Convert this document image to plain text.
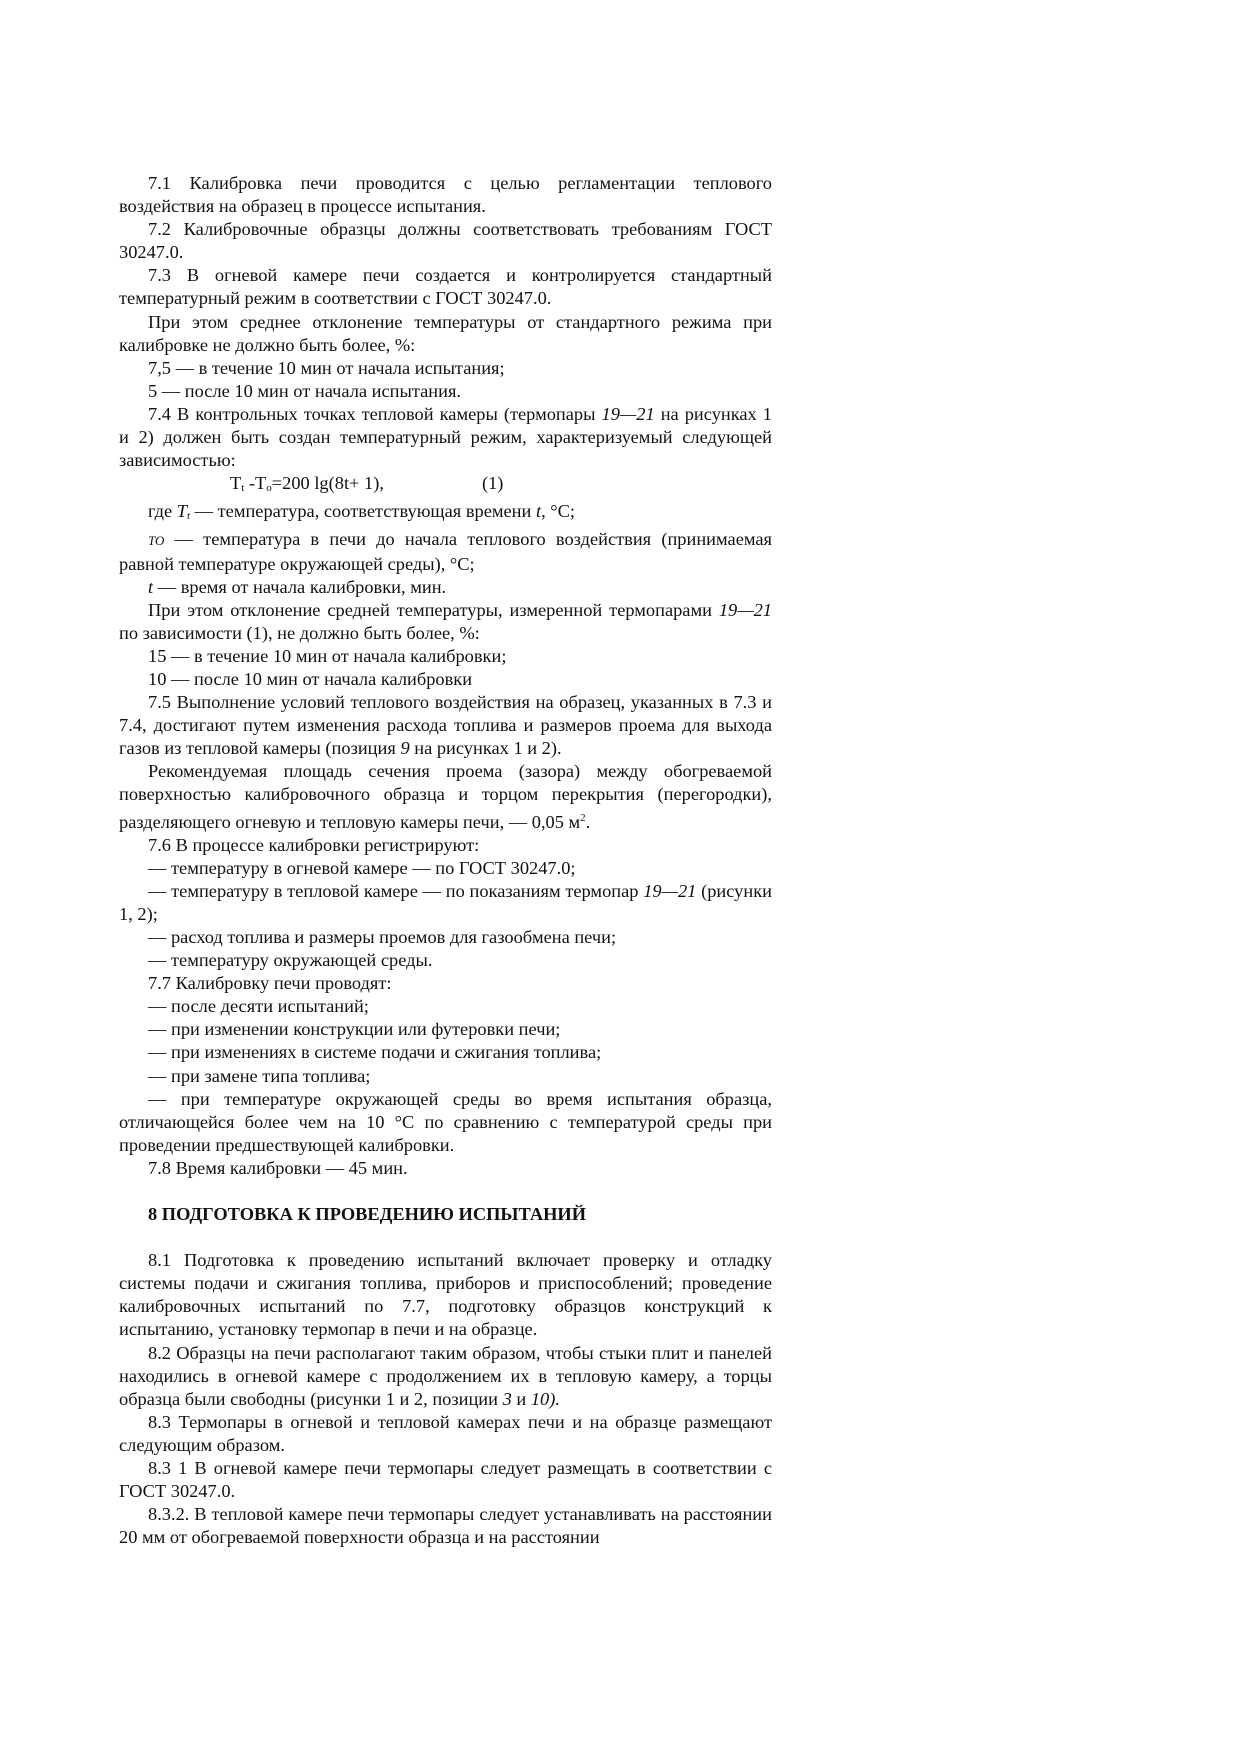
7.1 Калибровка печи проводится с целью регламентации теплового воздействия на образец в процессе испытания.

7.2 Калибровочные образцы должны соответствовать требованиям ГОСТ 30247.0.

7.3 В огневой камере печи создается и контролируется стандартный температурный режим в соответствии с ГОСТ 30247.0.

При этом среднее отклонение температуры от стандартного режима при калибровке не должно быть более, %:

7,5 — в течение 10 мин от начала испытания;

5 — после 10 мин от начала испытания.

7.4 В контрольных точках тепловой камеры (термопары 19—21 на рисунках 1 и 2) должен быть создан температурный режим, характеризуемый следующей зависимостью:

Tt -To=200 lg(8t+ 1),	(1)

где Tt — температура, соответствующая времени t, °С;

TO — температура в печи до начала теплового воздействия (принимаемая равной температуре окружающей среды), °С;

t — время от начала калибровки, мин.

При этом отклонение средней температуры, измеренной термопарами 19—21 по зависимости (1), не должно быть более, %:

15 — в течение 10 мин от начала калибровки;

10 — после 10 мин от начала калибровки

7.5 Выполнение условий теплового воздействия на образец, указанных в 7.3 и 7.4, достигают путем изменения расхода топлива и размеров проема для выхода газов из тепловой камеры (позиция 9 на рисунках 1 и 2).

Рекомендуемая площадь сечения проема (зазора) между обогреваемой поверхностью калибровочного образца и торцом перекрытия (перегородки), разделяющего огневую и тепловую камеры печи, — 0,05 $м^2$.

7.6 В процессе калибровки регистрируют:

— температуру в огневой камере — по ГОСТ 30247.0;

— температуру в тепловой камере — по показаниям термопар 19—21 (рисунки 1, 2);

— расход топлива и размеры проемов для газообмена печи;

— температуру окружающей среды.

7.7 Калибровку печи проводят:

— после десяти испытаний;

— при изменении конструкции или футеровки печи;

— при изменениях в системе подачи и сжигания топлива;

— при замене типа топлива;

— при температуре окружающей среды во время испытания образца, отличающейся более чем на 10 °С по сравнению с температурой среды при проведении предшествующей калибровки.

7.8 Время калибровки — 45 мин.

8 ПОДГОТОВКА К ПРОВЕДЕНИЮ ИСПЫТАНИЙ

8.1 Подготовка к проведению испытаний включает проверку и отладку системы подачи и сжигания топлива, приборов и приспособлений; проведение калибровочных испытаний по 7.7, подготовку образцов конструкций к испытанию, установку термопар в печи и на образце.

8.2 Образцы на печи располагают таким образом, чтобы стыки плит и панелей находились в огневой камере с продолжением их в тепловую камеру, а торцы образца были свободны (рисунки 1 и 2, позиции 3 и 10).

8.3 Термопары в огневой и тепловой камерах печи и на образце размещают следующим образом.

8.3 1 В огневой камере печи термопары следует размещать в соответствии с ГОСТ 30247.0.

8.3.2. В тепловой камере печи термопары следует устанавливать на расстоянии 20 мм от обогреваемой поверхности образца и на расстоянии
